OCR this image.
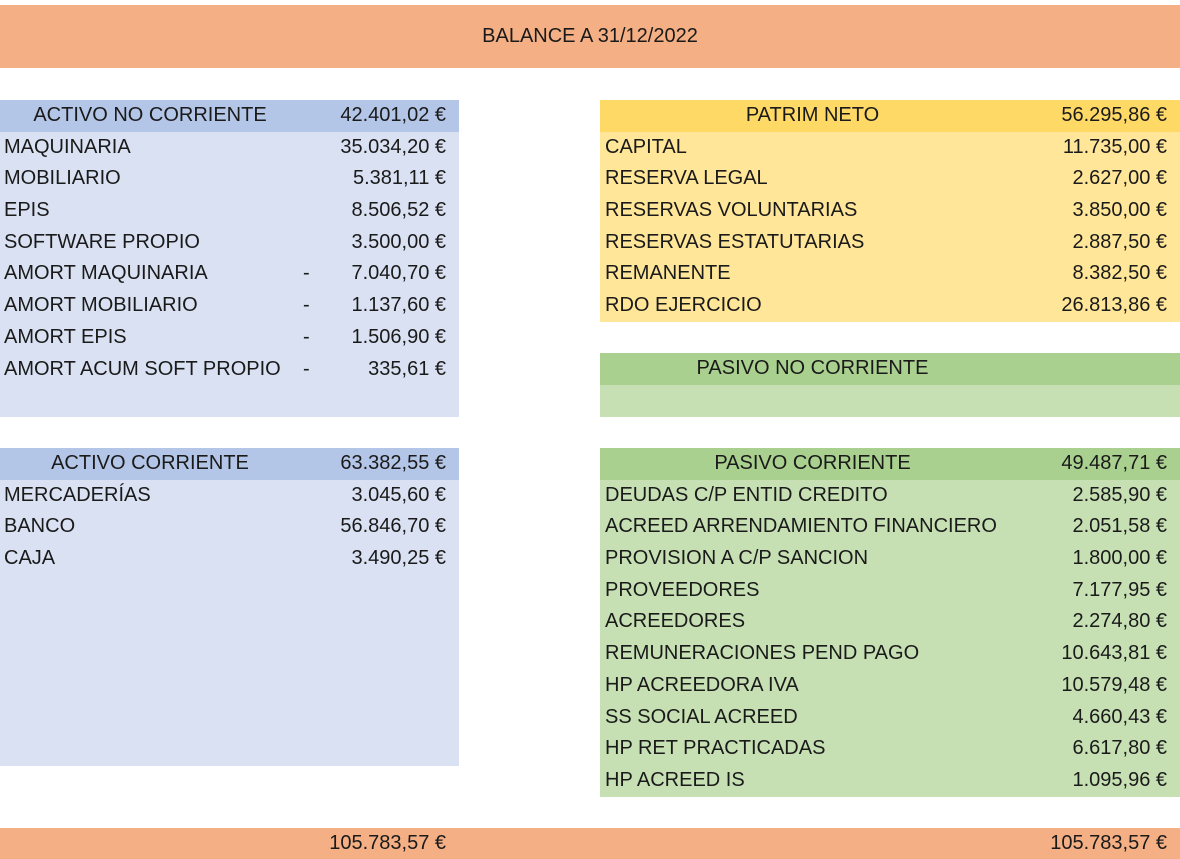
BALANCE A 31/12/2022
ACTIVO NO CORRIENTE	42.401,02 €
MAQUINARIA	35.034,20 €
MOBILIARIO	5.381,11 €
EPIS	8.506,52 €
SOFTWARE PROPIO	3.500,00 €
AMORT MAQUINARIA	- 7.040,70 €
AMORT MOBILIARIO	- 1.137,60 €
AMORT EPIS	- 1.506,90 €
AMORT ACUM SOFT PROPIO -	335,61 €
ACTIVO CORRIENTE	63.382,55 €
MERCADERÍAS	3.045,60 €
BANCO	56.846,70 €
CAJA	3.490,25 €
PATRIM NETO	56.295,86 €
CAPITAL	11.735,00 €
RESERVA LEGAL	2.627,00 €
RESERVAS VOLUNTARIAS	3.850,00 €
RESERVAS ESTATUTARIAS	2.887,50 €
REMANENTE	8.382,50 €
RDO EJERCICIO	26.813,86 €
PASIVO NO CORRIENTE
PASIVO CORRIENTE	49.487,71 €
DEUDAS C/P ENTID CREDITO	2.585,90 €
ACREED ARRENDAMIENTO FINANCIERO	2.051,58 €
PROVISION A C/P SANCION	1.800,00 €
PROVEEDORES	7.177,95 €
ACREEDORES	2.274,80 €
REMUNERACIONES PEND PAGO	10.643,81 €
HP ACREEDORA IVA	10.579,48 €
SS SOCIAL ACREED	4.660,43 €
HP RET PRACTICADAS	6.617,80 €
HP ACREED IS	1.095,96 €
105.783,57 €	105.783,57 €
